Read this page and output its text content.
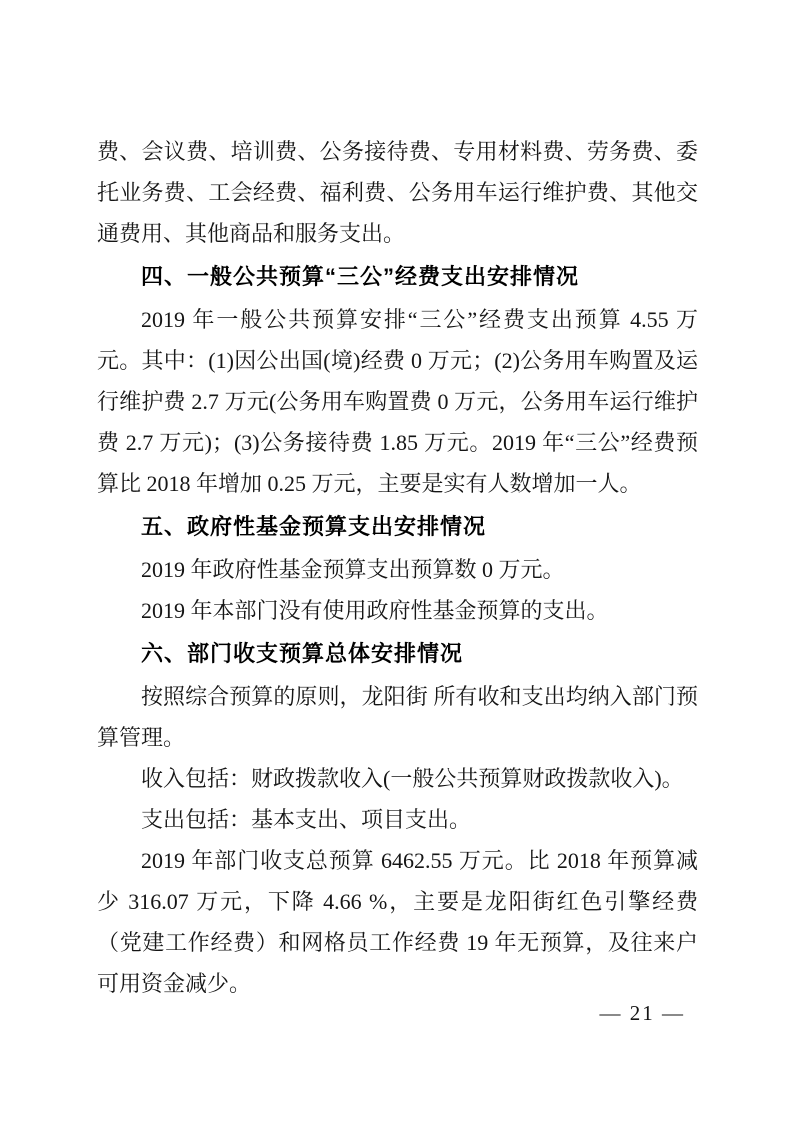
费、会议费、培训费、公务接待费、专用材料费、劳务费、委托业务费、工会经费、福利费、公务用车运行维护费、其他交通费用、其他商品和服务支出。

四、一般公共预算“三公”经费支出安排情况

2019 年一般公共预算安排“三公”经费支出预算 4.55 万元。其中：(1)因公出国(境)经费 0 万元；(2)公务用车购置及运行维护费 2.7 万元(公务用车购置费 0 万元，公务用车运行维护费 2.7 万元)；(3)公务接待费 1.85 万元。2019 年“三公”经费预算比 2018 年增加 0.25 万元，主要是实有人数增加一人。

五、政府性基金预算支出安排情况

2019 年政府性基金预算支出预算数 0 万元。

2019 年本部门没有使用政府性基金预算的支出。

六、部门收支预算总体安排情况

按照综合预算的原则，龙阳街 所有收和支出均纳入部门预算管理。

收入包括：财政拨款收入(一般公共预算财政拨款收入)。

支出包括：基本支出、项目支出。

2019 年部门收支总预算 6462.55 万元。比 2018 年预算减少 316.07 万元，下降 4.66 %，主要是龙阳街红色引擎经费（党建工作经费）和网格员工作经费 19 年无预算，及往来户可用资金减少。

— 21 —
